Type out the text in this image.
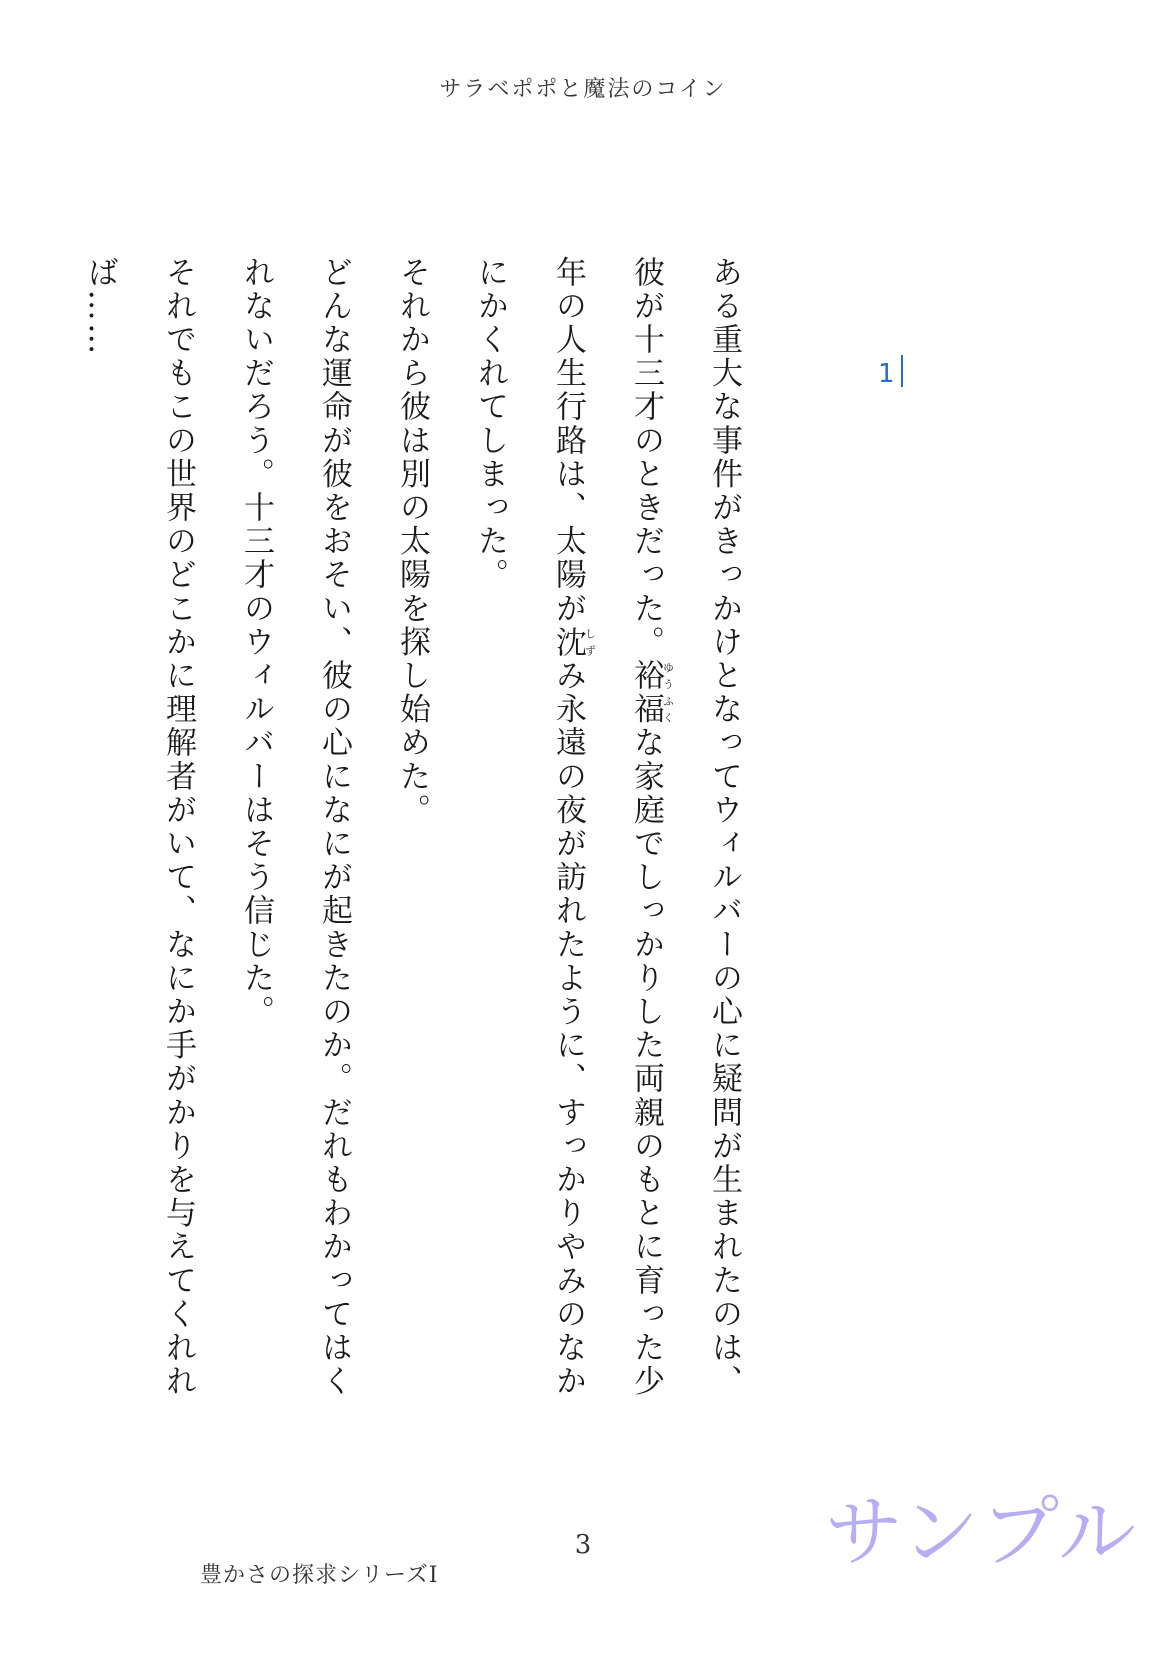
サラベポポと魔法のコイン
1

ある重大な事件がきっかけとなってウィルバーの心に疑問が生まれたのは、彼が十三才のときだった。裕福ゆうふくな家庭でしっかりした両親のもとに育った少年の人生行路は、太陽が沈しずみ永遠の夜が訪れたように、すっかりやみのなかにかくれてしまった。

それから彼は別の太陽を探し始めた。

どんな運命が彼をおそい、彼の心になにが起きたのか。だれもわかってはくれないだろう。十三才のウィルバーはそう信じた。

それでもこの世界のどこかに理解者がいて、なにか手がかりを与えてくれれば……

3
豊かさの探求シリーズⅠ	サンプル
